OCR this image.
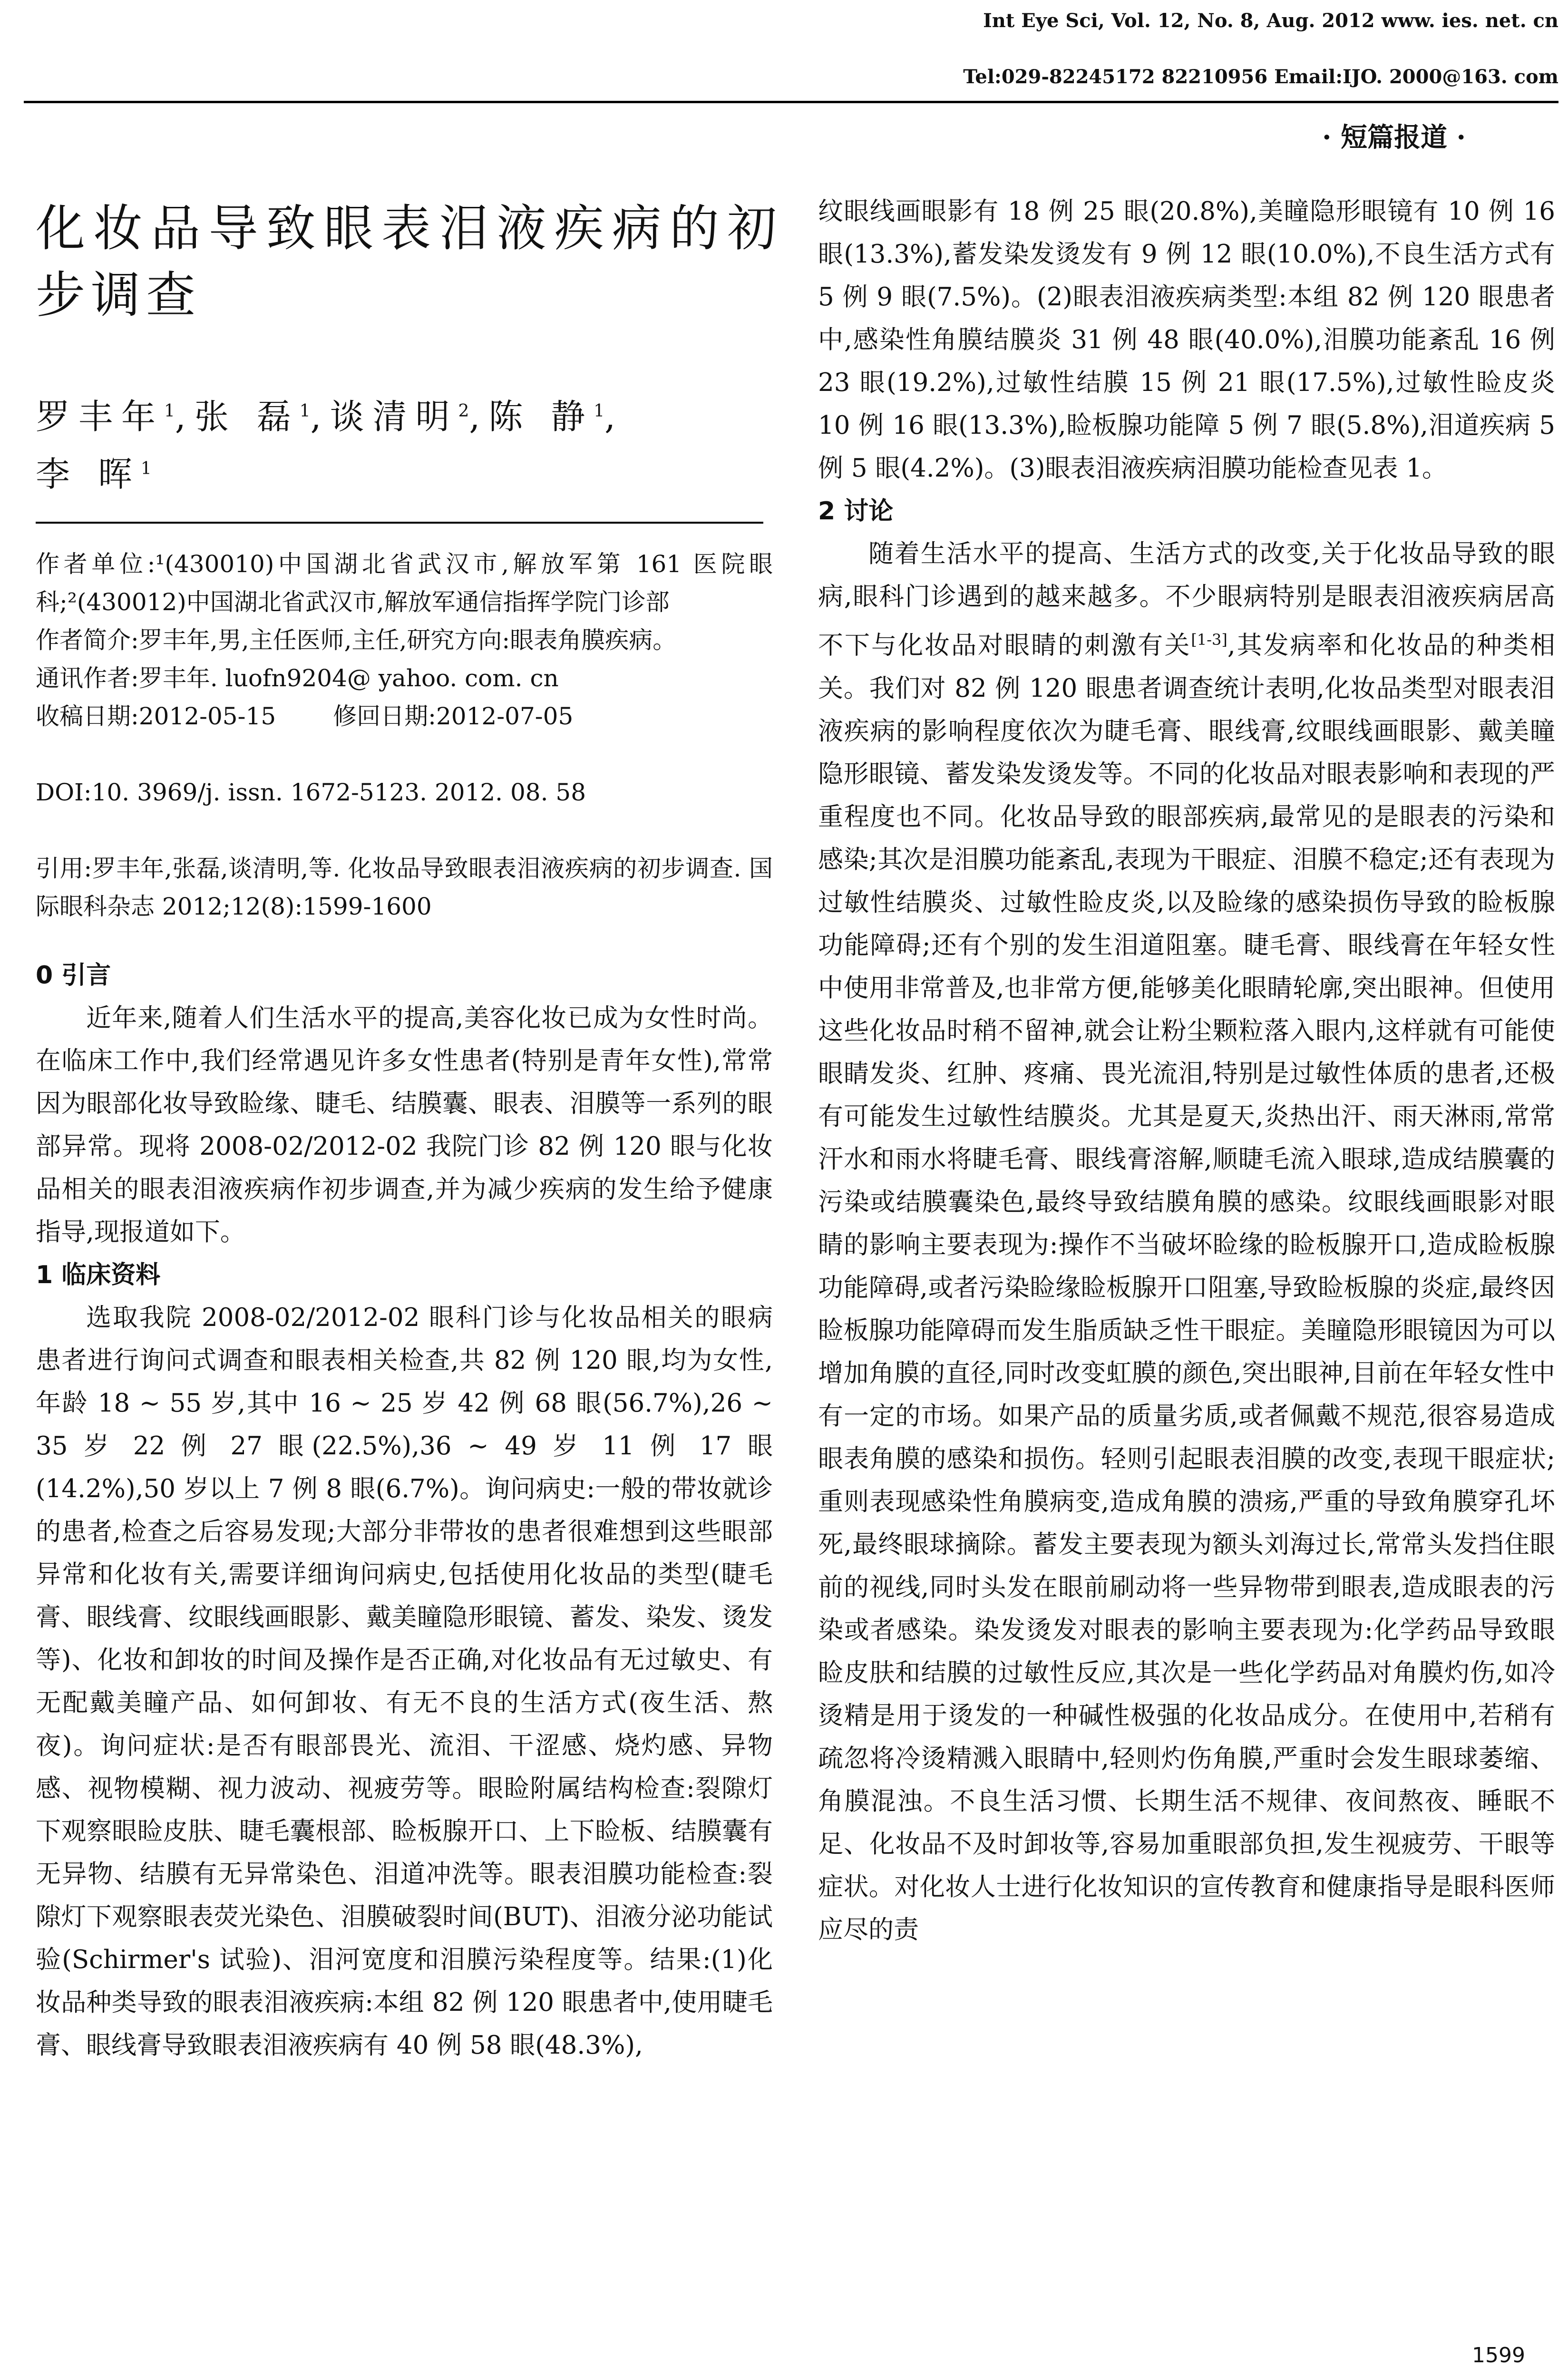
Int Eye Sci, Vol. 12, No. 8, Aug. 2012 www. ies. net. cn
Tel:029-82245172 82210956 Email:IJO. 2000@163. com
· 短篇报道 ·
化妆品导致眼表泪液疾病的初步调查
罗丰年$^1$,张 磊$^1$,谈清明$^2$,陈 静$^1$,
李 晖$^1$

作者单位:¹(430010)中国湖北省武汉市,解放军第 161 医院眼科;²(430012)中国湖北省武汉市,解放军通信指挥学院门诊部

作者简介:罗丰年,男,主任医师,主任,研究方向:眼表角膜疾病。

通讯作者:罗丰年. luofn9204@ yahoo. com. cn

收稿日期:2012-05-15 修回日期:2012-07-05

DOI:10. 3969/j. issn. 1672-5123. 2012. 08. 58

引用:罗丰年,张磊,谈清明,等. 化妆品导致眼表泪液疾病的初步调查. 国际眼科杂志 2012;12(8):1599-1600

0 引言

近年来,随着人们生活水平的提高,美容化妆已成为女性时尚。在临床工作中,我们经常遇见许多女性患者(特别是青年女性),常常因为眼部化妆导致睑缘、睫毛、结膜囊、眼表、泪膜等一系列的眼部异常。现将 2008-02/2012-02 我院门诊 82 例 120 眼与化妆品相关的眼表泪液疾病作初步调查,并为减少疾病的发生给予健康指导,现报道如下。

1 临床资料

选取我院 2008-02/2012-02 眼科门诊与化妆品相关的眼病患者进行询问式调查和眼表相关检查,共 82 例 120 眼,均为女性,年龄 18 ~ 55 岁,其中 16 ~ 25 岁 42 例 68 眼(56.7%),26 ~ 35 岁 22 例 27 眼(22.5%),36 ~ 49 岁 11 例 17 眼(14.2%),50 岁以上 7 例 8 眼(6.7%)。询问病史:一般的带妆就诊的患者,检查之后容易发现;大部分非带妆的患者很难想到这些眼部异常和化妆有关,需要详细询问病史,包括使用化妆品的类型(睫毛膏、眼线膏、纹眼线画眼影、戴美瞳隐形眼镜、蓄发、染发、烫发等)、化妆和卸妆的时间及操作是否正确,对化妆品有无过敏史、有无配戴美瞳产品、如何卸妆、有无不良的生活方式(夜生活、熬夜)。询问症状:是否有眼部畏光、流泪、干涩感、烧灼感、异物感、视物模糊、视力波动、视疲劳等。眼睑附属结构检查:裂隙灯下观察眼睑皮肤、睫毛囊根部、睑板腺开口、上下睑板、结膜囊有无异物、结膜有无异常染色、泪道冲洗等。眼表泪膜功能检查:裂隙灯下观察眼表荧光染色、泪膜破裂时间(BUT)、泪液分泌功能试验(Schirmer's 试验)、泪河宽度和泪膜污染程度等。结果:(1)化妆品种类导致的眼表泪液疾病:本组 82 例 120 眼患者中,使用睫毛膏、眼线膏导致眼表泪液疾病有 40 例 58 眼(48.3%),

纹眼线画眼影有 18 例 25 眼(20.8%),美瞳隐形眼镜有 10 例 16 眼(13.3%),蓄发染发烫发有 9 例 12 眼(10.0%),不良生活方式有 5 例 9 眼(7.5%)。(2)眼表泪液疾病类型:本组 82 例 120 眼患者中,感染性角膜结膜炎 31 例 48 眼(40.0%),泪膜功能紊乱 16 例 23 眼(19.2%),过敏性结膜 15 例 21 眼(17.5%),过敏性睑皮炎 10 例 16 眼(13.3%),睑板腺功能障 5 例 7 眼(5.8%),泪道疾病 5 例 5 眼(4.2%)。(3)眼表泪液疾病泪膜功能检查见表 1。

2 讨论

随着生活水平的提高、生活方式的改变,关于化妆品导致的眼病,眼科门诊遇到的越来越多。不少眼病特别是眼表泪液疾病居高不下与化妆品对眼睛的刺激有关[1-3],其发病率和化妆品的种类相关。我们对 82 例 120 眼患者调查统计表明,化妆品类型对眼表泪液疾病的影响程度依次为睫毛膏、眼线膏,纹眼线画眼影、戴美瞳隐形眼镜、蓄发染发烫发等。不同的化妆品对眼表影响和表现的严重程度也不同。化妆品导致的眼部疾病,最常见的是眼表的污染和感染;其次是泪膜功能紊乱,表现为干眼症、泪膜不稳定;还有表现为过敏性结膜炎、过敏性睑皮炎,以及睑缘的感染损伤导致的睑板腺功能障碍;还有个别的发生泪道阻塞。睫毛膏、眼线膏在年轻女性中使用非常普及,也非常方便,能够美化眼睛轮廓,突出眼神。但使用这些化妆品时稍不留神,就会让粉尘颗粒落入眼内,这样就有可能使眼睛发炎、红肿、疼痛、畏光流泪,特别是过敏性体质的患者,还极有可能发生过敏性结膜炎。尤其是夏天,炎热出汗、雨天淋雨,常常汗水和雨水将睫毛膏、眼线膏溶解,顺睫毛流入眼球,造成结膜囊的污染或结膜囊染色,最终导致结膜角膜的感染。纹眼线画眼影对眼睛的影响主要表现为:操作不当破坏睑缘的睑板腺开口,造成睑板腺功能障碍,或者污染睑缘睑板腺开口阻塞,导致睑板腺的炎症,最终因睑板腺功能障碍而发生脂质缺乏性干眼症。美瞳隐形眼镜因为可以增加角膜的直径,同时改变虹膜的颜色,突出眼神,目前在年轻女性中有一定的市场。如果产品的质量劣质,或者佩戴不规范,很容易造成眼表角膜的感染和损伤。轻则引起眼表泪膜的改变,表现干眼症状;重则表现感染性角膜病变,造成角膜的溃疡,严重的导致角膜穿孔坏死,最终眼球摘除。蓄发主要表现为额头刘海过长,常常头发挡住眼前的视线,同时头发在眼前刷动将一些异物带到眼表,造成眼表的污染或者感染。染发烫发对眼表的影响主要表现为:化学药品导致眼睑皮肤和结膜的过敏性反应,其次是一些化学药品对角膜灼伤,如冷烫精是用于烫发的一种碱性极强的化妆品成分。在使用中,若稍有疏忽将冷烫精溅入眼睛中,轻则灼伤角膜,严重时会发生眼球萎缩、角膜混浊。不良生活习惯、长期生活不规律、夜间熬夜、睡眠不足、化妆品不及时卸妆等,容易加重眼部负担,发生视疲劳、干眼等症状。对化妆人士进行化妆知识的宣传教育和健康指导是眼科医师应尽的责

1599
